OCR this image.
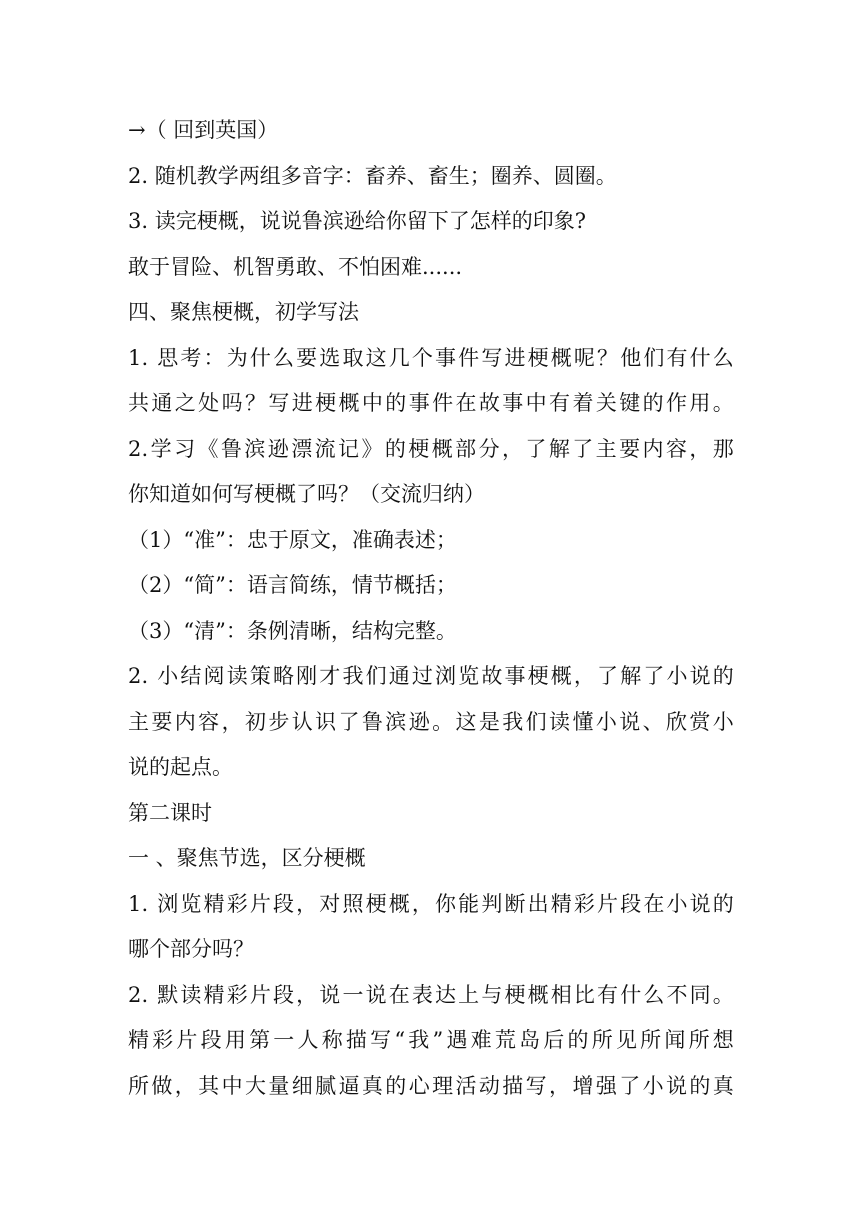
→（ 回到英国）
2. 随机教学两组多音字：畜养、畜生；圈养、圆圈。
3. 读完梗概，说说鲁滨逊给你留下了怎样的印象?
敢于冒险、机智勇敢、不怕困难......
四、聚焦梗概，初学写法
1. 思考：为什么要选取这几个事件写进梗概呢？他们有什么
共通之处吗？写进梗概中的事件在故事中有着关键的作用。
2.学习《鲁滨逊漂流记》的梗概部分，了解了主要内容，那
你知道如何写梗概了吗？（交流归纳）
（1）“准”：忠于原文，准确表述；
（2）“简”：语言简练，情节概括；
（3）“清”：条例清晰，结构完整。
2. 小结阅读策略刚才我们通过浏览故事梗概，了解了小说的
主要内容，初步认识了鲁滨逊。这是我们读懂小说、欣赏小
说的起点。
第二课时
一 、聚焦节选，区分梗概
1. 浏览精彩片段，对照梗概，你能判断出精彩片段在小说的
哪个部分吗？
2. 默读精彩片段，说一说在表达上与梗概相比有什么不同。
精彩片段用第一人称描写“我”遇难荒岛后的所见所闻所想
所做，其中大量细腻逼真的心理活动描写，增强了小说的真
